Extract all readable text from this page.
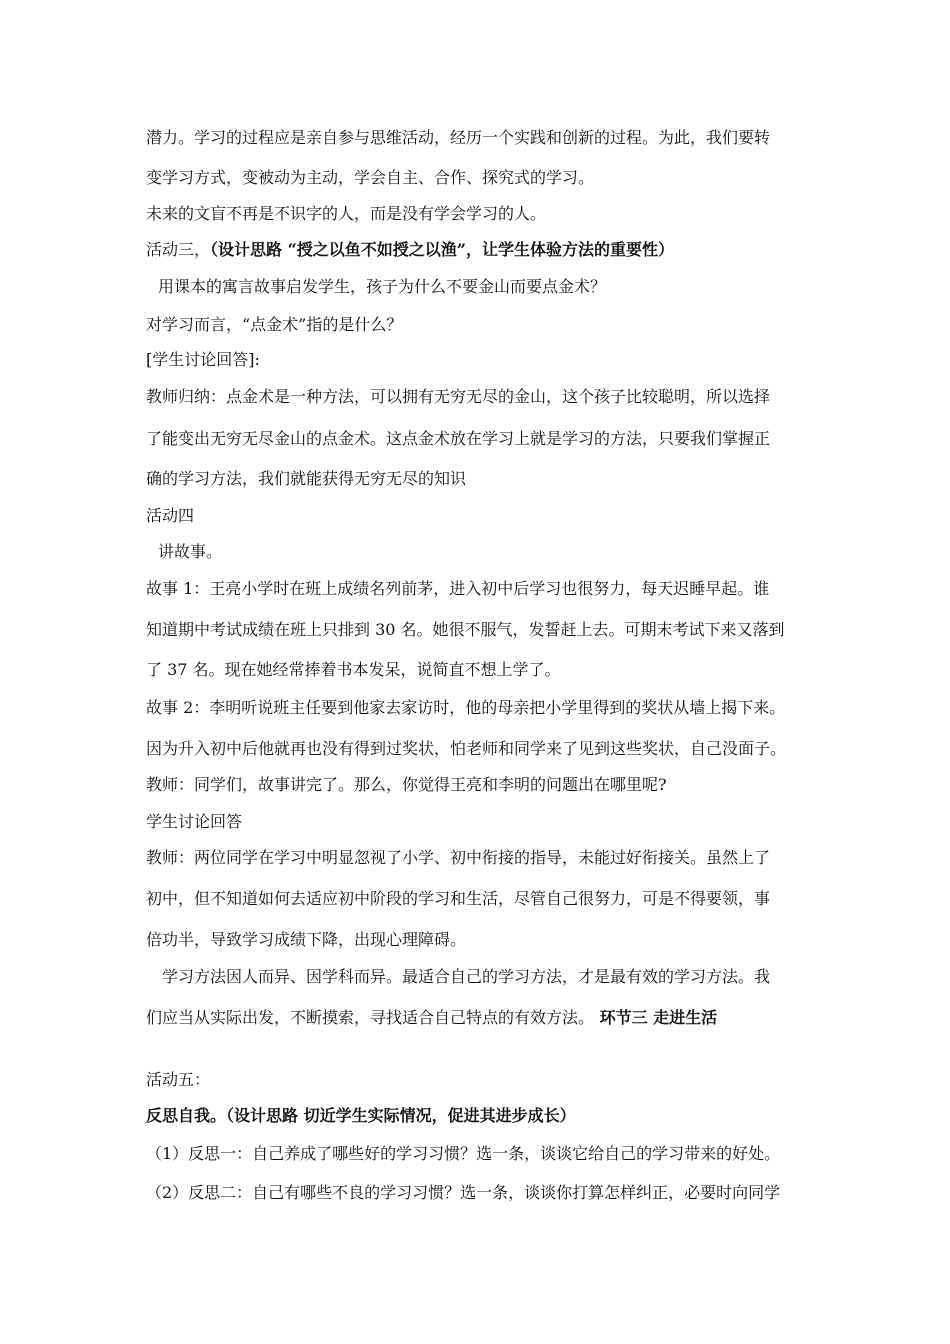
潜力。学习的过程应是亲自参与思维活动，经历一个实践和创新的过程。为此，我们要转
变学习方式，变被动为主动，学会自主、合作、探究式的学习。
未来的文盲不再是不识字的人，而是没有学会学习的人。
活动三，（设计思路 “授之以鱼不如授之以渔”，让学生体验方法的重要性）
用课本的寓言故事启发学生，孩子为什么不要金山而要点金术？
对学习而言，“点金术”指的是什么？
[学生讨论回答]:
教师归纳：点金术是一种方法，可以拥有无穷无尽的金山，这个孩子比较聪明，所以选择
了能变出无穷无尽金山的点金术。这点金术放在学习上就是学习的方法，只要我们掌握正
确的学习方法，我们就能获得无穷无尽的知识
活动四
讲故事。
故事 1：王亮小学时在班上成绩名列前茅，进入初中后学习也很努力，每天迟睡早起。谁
知道期中考试成绩在班上只排到 30 名。她很不服气，发誓赶上去。可期末考试下来又落到
了 37 名。现在她经常捧着书本发呆，说简直不想上学了。
故事 2：李明听说班主任要到他家去家访时，他的母亲把小学里得到的奖状从墙上揭下来。
因为升入初中后他就再也没有得到过奖状，怕老师和同学来了见到这些奖状，自己没面子。
教师：同学们，故事讲完了。那么，你觉得王亮和李明的问题出在哪里呢?
学生讨论回答
教师：两位同学在学习中明显忽视了小学、初中衔接的指导，未能过好衔接关。虽然上了
初中，但不知道如何去适应初中阶段的学习和生活，尽管自己很努力，可是不得要领，事
倍功半，导致学习成绩下降，出现心理障碍。
学习方法因人而异、因学科而异。最适合自己的学习方法，才是最有效的学习方法。我
们应当从实际出发，不断摸索，寻找适合自己特点的有效方法。 环节三 走进生活
活动五：
反思自我。（设计思路 切近学生实际情况，促进其进步成长）
（1）反思一：自己养成了哪些好的学习习惯？选一条，谈谈它给自己的学习带来的好处。
（2）反思二：自己有哪些不良的学习习惯？选一条，谈谈你打算怎样纠正，必要时向同学
